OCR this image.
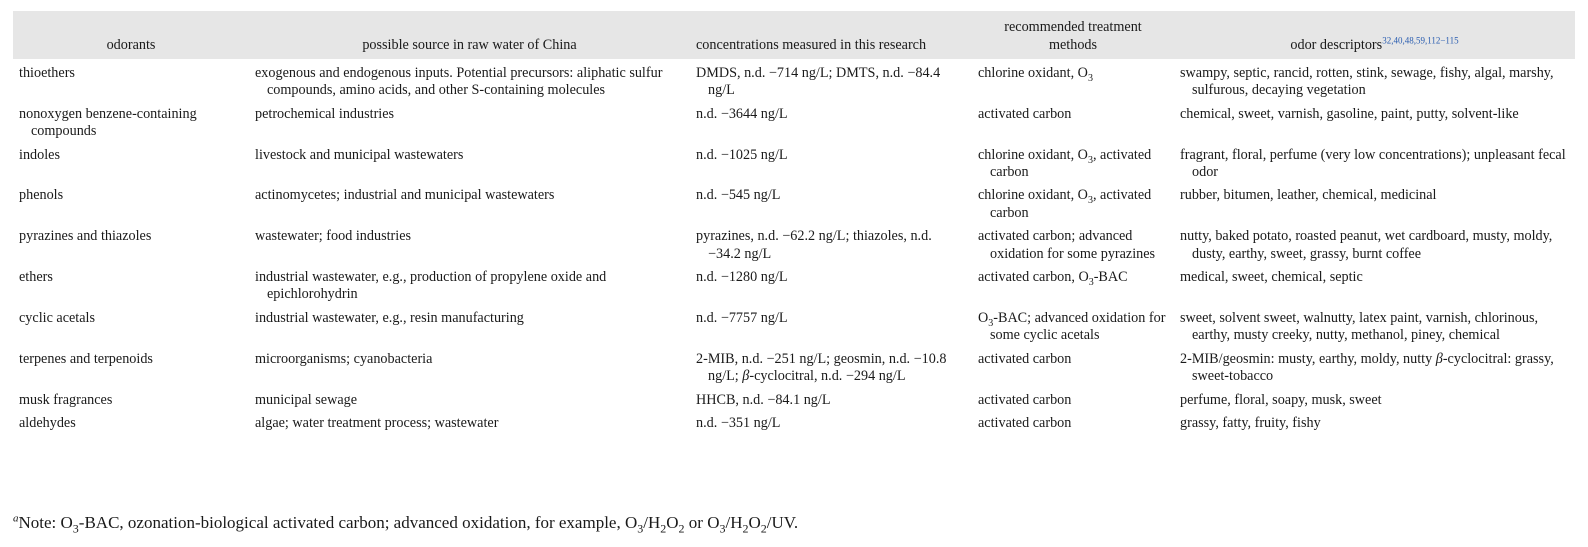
odorants	possible source in raw water of China	concentrations measured in this research	recommended treatment methods	odor descriptors$^{32,40,48,59,112-115}$

thioethers	exogenous and endogenous inputs. Potential precursors: aliphatic sulfur compounds, amino acids, and other S-containing molecules	DMDS, n.d. −714 ng/L; DMTS, n.d. −84.4 ng/L	chlorine oxidant, $O_3$	swampy, septic, rancid, rotten, stink, sewage, fishy, algal, marshy, sulfurous, decaying vegetation

nonoxygen benzene-containing compounds	petrochemical industries	n.d. −3644 ng/L	activated carbon	chemical, sweet, varnish, gasoline, paint, putty, solvent-like

indoles	livestock and municipal wastewaters	n.d. −1025 ng/L	chlorine oxidant, $O_3$, activated carbon	fragrant, floral, perfume (very low concentrations); unpleasant fecal odor

phenols	actinomycetes; industrial and municipal wastewaters	n.d. −545 ng/L	chlorine oxidant, $O_3$, activated carbon	rubber, bitumen, leather, chemical, medicinal

pyrazines and thiazoles	wastewater; food industries	pyrazines, n.d. −62.2 ng/L; thiazoles, n.d. −34.2 ng/L	activated carbon; advanced oxidation for some pyrazines	nutty, baked potato, roasted peanut, wet cardboard, musty, moldy, dusty, earthy, sweet, grassy, burnt coffee

ethers	industrial wastewater, e.g., production of propylene oxide and epichlorohydrin	n.d. −1280 ng/L	activated carbon, $O_3$-BAC	medical, sweet, chemical, septic

cyclic acetals	industrial wastewater, e.g., resin manufacturing	n.d. −7757 ng/L	$O_3$-BAC; advanced oxidation for some cyclic acetals	sweet, solvent sweet, walnutty, latex paint, varnish, chlorinous, earthy, musty creeky, nutty, methanol, piney, chemical

terpenes and terpenoids	microorganisms; cyanobacteria	2-MIB, n.d. −251 ng/L; geosmin, n.d. −10.8 ng/L; β-cyclocitral, n.d. −294 ng/L	activated carbon	2-MIB/geosmin: musty, earthy, moldy, nutty β-cyclocitral: grassy, sweet-tobacco

musk fragrances	municipal sewage	HHCB, n.d. −84.1 ng/L	activated carbon	perfume, floral, soapy, musk, sweet

aldehydes	algae; water treatment process; wastewater	n.d. −351 ng/L	activated carbon	grassy, fatty, fruity, fishy
$^a$Note: $O_3$-BAC, ozonation-biological activated carbon; advanced oxidation, for example, $O_3/H_2O_2$ or $O_3/H_2O_2/UV$.
